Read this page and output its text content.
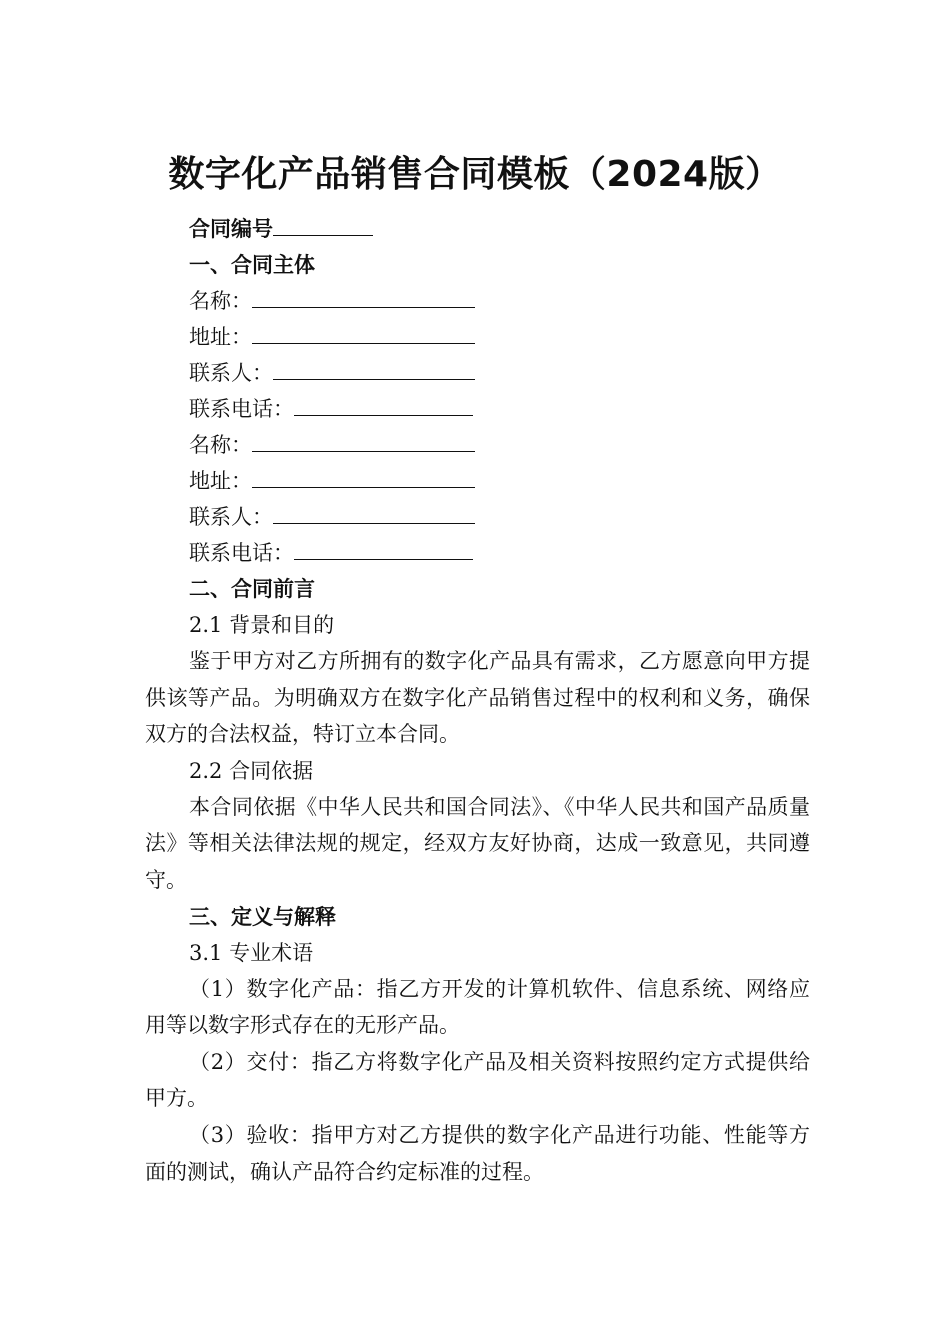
数字化产品销售合同模板（2024版）
合同编号
一、合同主体
名称：
地址：
联系人：
联系电话：
名称：
地址：
联系人：
联系电话：
二、合同前言
2.1 背景和目的

鉴于甲方对乙方所拥有的数字化产品具有需求，乙方愿意向甲方提供该等产品。为明确双方在数字化产品销售过程中的权利和义务，确保双方的合法权益，特订立本合同。

2.2 合同依据

本合同依据《中华人民共和国合同法》、《中华人民共和国产品质量法》等相关法律法规的规定，经双方友好协商，达成一致意见，共同遵守。

三、定义与解释
3.1 专业术语

（1）数字化产品：指乙方开发的计算机软件、信息系统、网络应用等以数字形式存在的无形产品。

（2）交付：指乙方将数字化产品及相关资料按照约定方式提供给甲方。

（3）验收：指甲方对乙方提供的数字化产品进行功能、性能等方面的测试，确认产品符合约定标准的过程。
